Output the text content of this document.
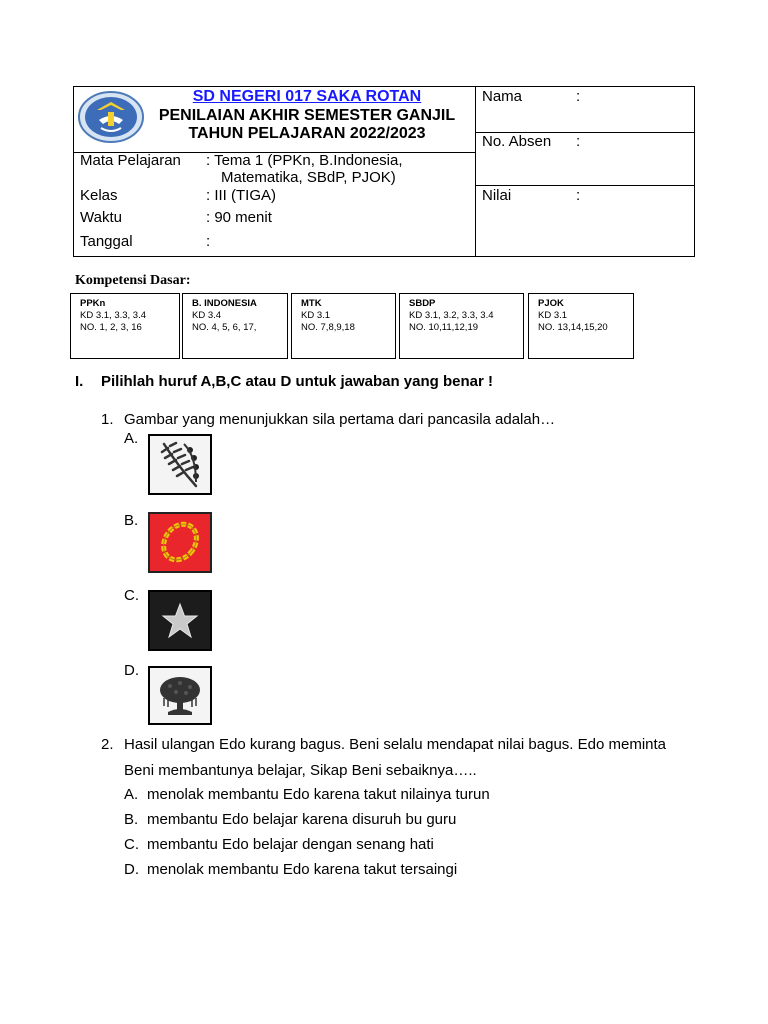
SD NEGERI 017 SAKA ROTAN
PENILAIAN AKHIR SEMESTER GANJIL
TAHUN PELAJARAN 2022/2023
Mata Pelajaran : Tema 1 (PPKn, B.Indonesia,
Matematika, SBdP, PJOK)
Kelas	: III (TIGA)
Waktu	: 90 menit
Tanggal	:
Nama	:
No. Absen :
Nilai	:
Kompetensi Dasar:
PPKn
KD 3.1, 3.3, 3.4
NO. 1, 2, 3, 16
B. INDONESIA
KD 3.4
NO. 4, 5, 6, 17,
MTK
KD 3.1
NO. 7,8,9,18
SBDP
KD 3.1, 3.2, 3.3, 3.4
NO. 10,11,12,19
PJOK
KD 3.1
NO. 13,14,15,20
I. Pilihlah huruf A,B,C atau D untuk jawaban yang benar !
1. Gambar yang menunjukkan sila pertama dari pancasila adalah…
A.
B.
C.
D.
2. Hasil ulangan Edo kurang bagus. Beni selalu mendapat nilai bagus. Edo meminta
Beni membantunya belajar, Sikap Beni sebaiknya…..
A. menolak membantu Edo karena takut nilainya turun
B. membantu Edo belajar karena disuruh bu guru
C. membantu Edo belajar dengan senang hati
D. menolak membantu Edo karena takut tersaingi
